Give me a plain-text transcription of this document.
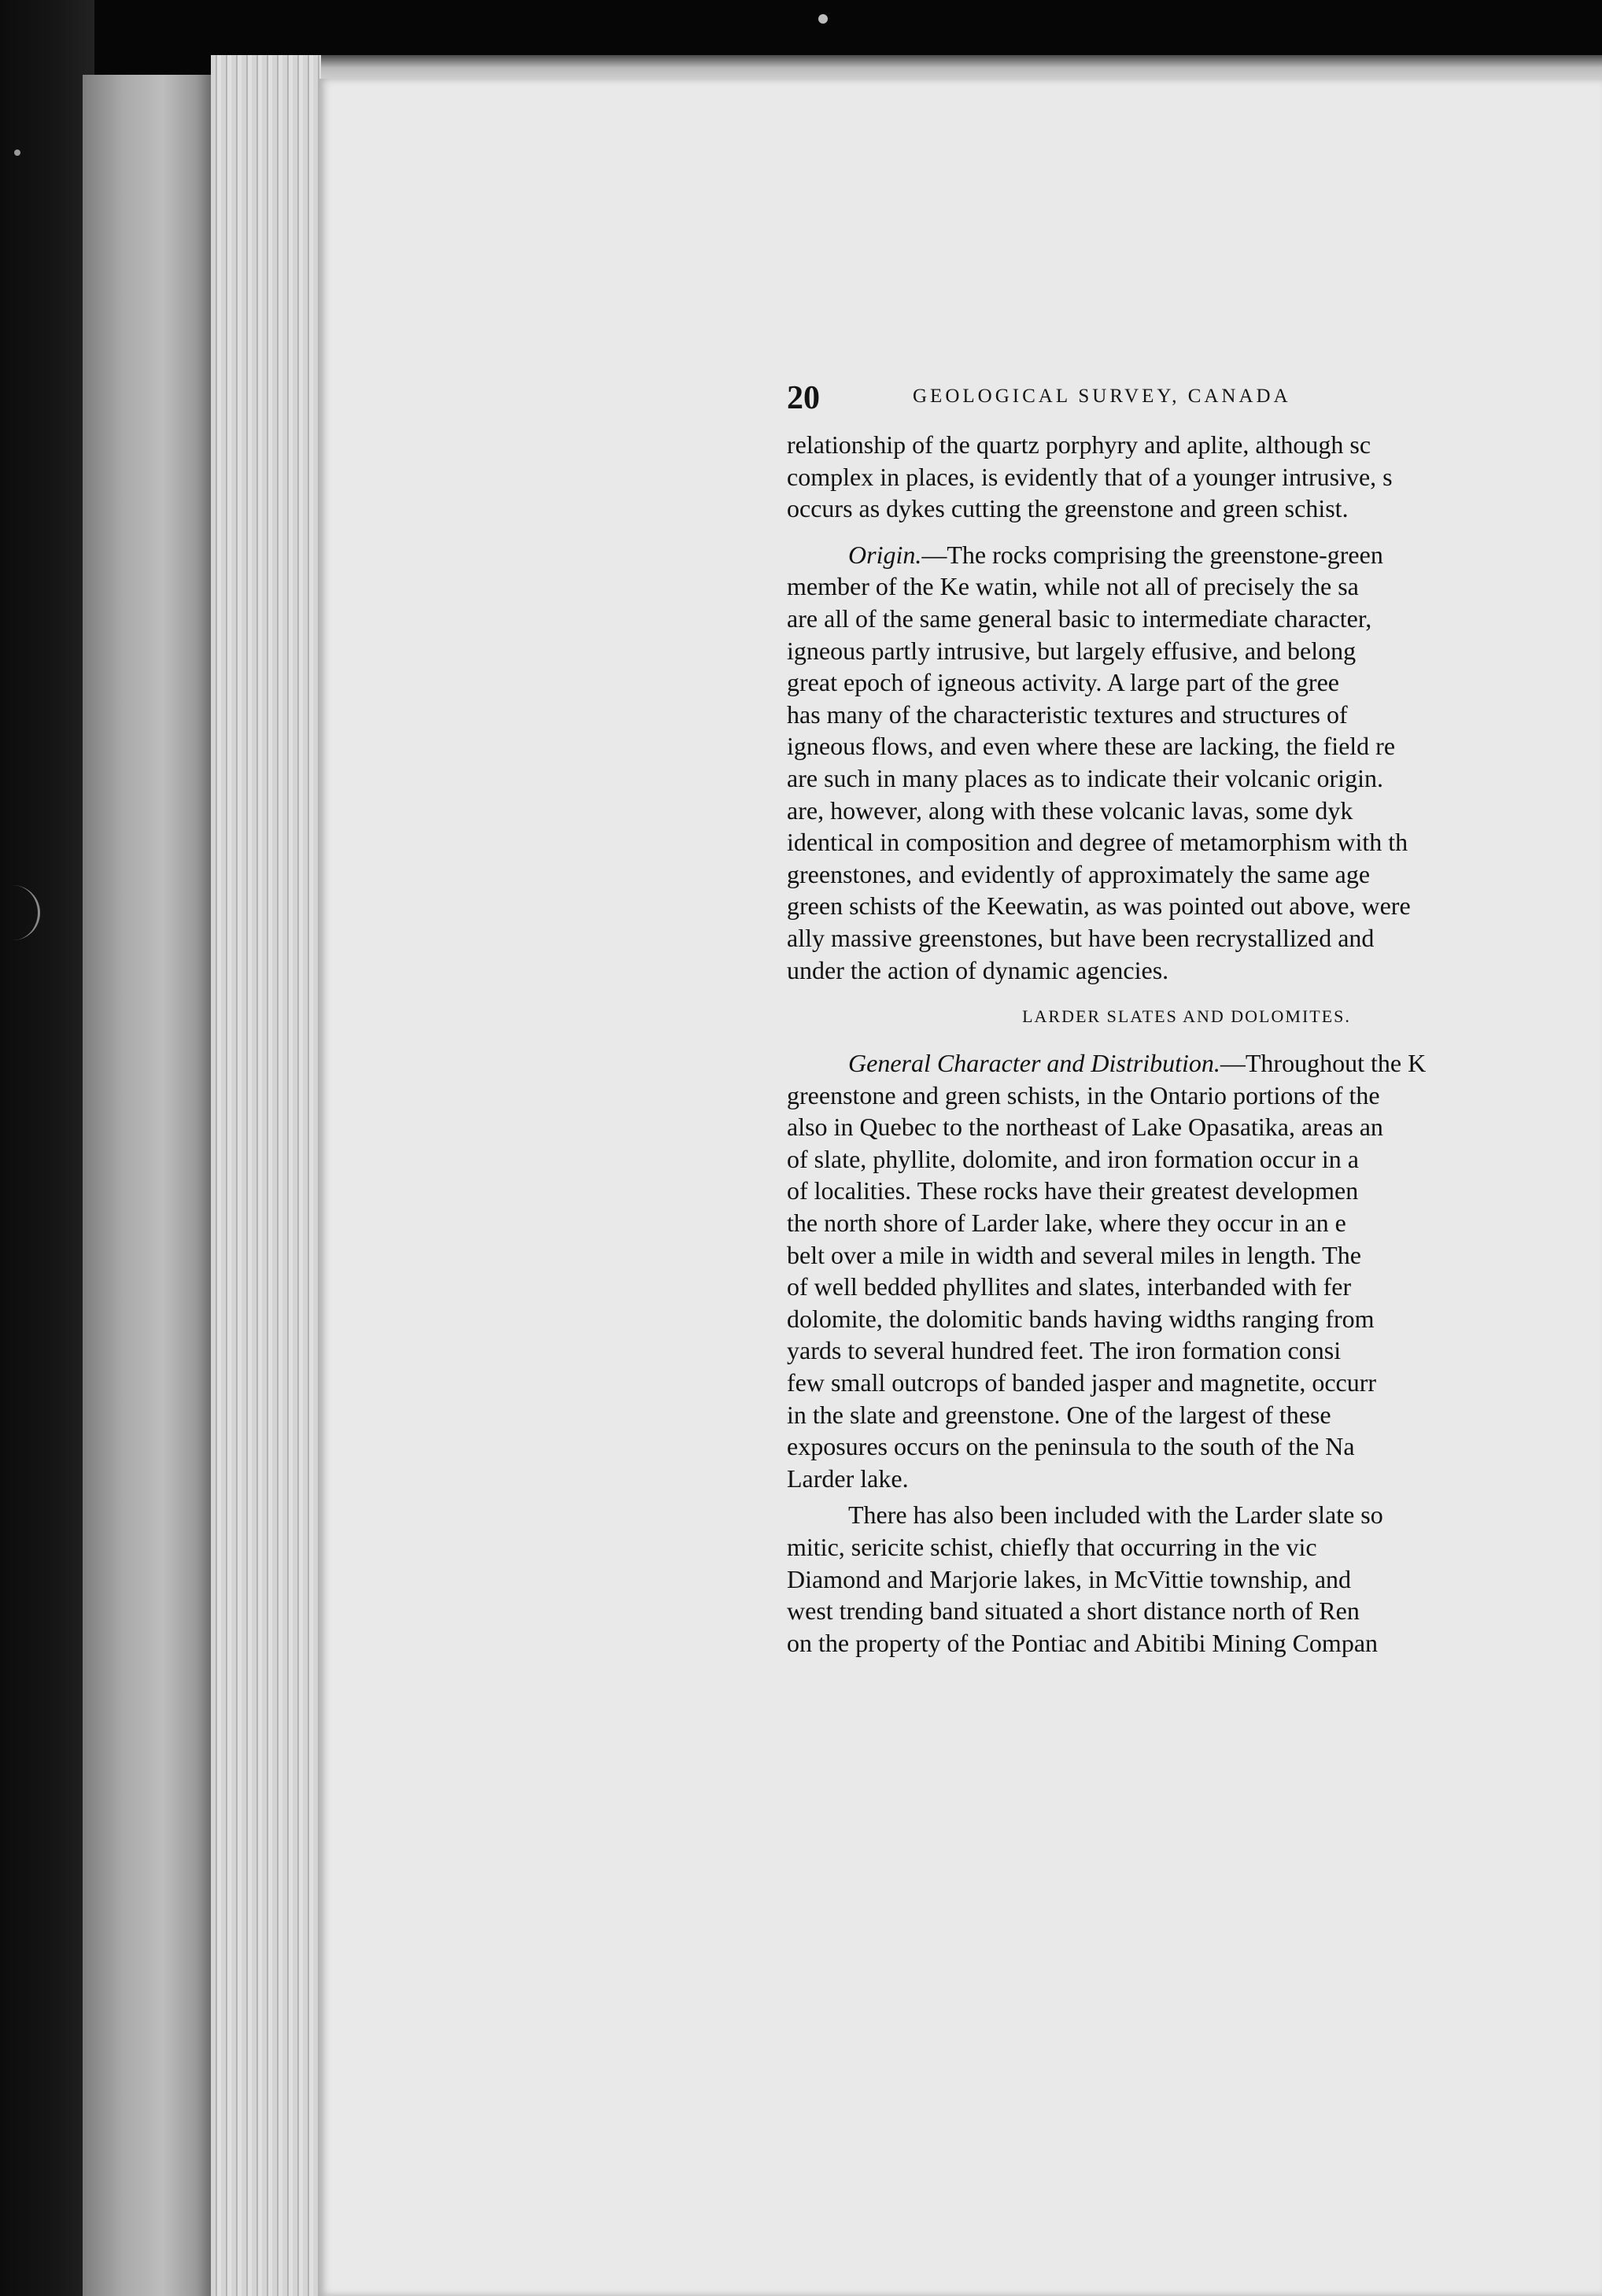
20	GEOLOGICAL SURVEY, CANADA
relationship of the quartz porphyry and aplite, although sc
complex in places, is evidently that of a younger intrusive, s
occurs as dykes cutting the greenstone and green schist.
Origin.—The rocks comprising the greenstone-green
member of the Ke watin, while not all of precisely the sa
are all of the same general basic to intermediate character,
igneous partly intrusive, but largely effusive, and belong
great epoch of igneous activity. A large part of the gree
has many of the characteristic textures and structures of
igneous flows, and even where these are lacking, the field re
are such in many places as to indicate their volcanic origin.
are, however, along with these volcanic lavas, some dyk
identical in composition and degree of metamorphism with th
greenstones, and evidently of approximately the same age
green schists of the Keewatin, as was pointed out above, were
ally massive greenstones, but have been recrystallized and
under the action of dynamic agencies.
LARDER SLATES AND DOLOMITES.
General Character and Distribution.—Throughout the K
greenstone and green schists, in the Ontario portions of the
also in Quebec to the northeast of Lake Opasatika, areas an
of slate, phyllite, dolomite, and iron formation occur in a
of localities. These rocks have their greatest developmen
the north shore of Larder lake, where they occur in an e
belt over a mile in width and several miles in length. The
of well bedded phyllites and slates, interbanded with fer
dolomite, the dolomitic bands having widths ranging from
yards to several hundred feet. The iron formation consi
few small outcrops of banded jasper and magnetite, occurr
in the slate and greenstone. One of the largest of these
exposures occurs on the peninsula to the south of the Na
Larder lake.
There has also been included with the Larder slate so
mitic, sericite schist, chiefly that occurring in the vic
Diamond and Marjorie lakes, in McVittie township, and
west trending band situated a short distance north of Ren
on the property of the Pontiac and Abitibi Mining Compan
